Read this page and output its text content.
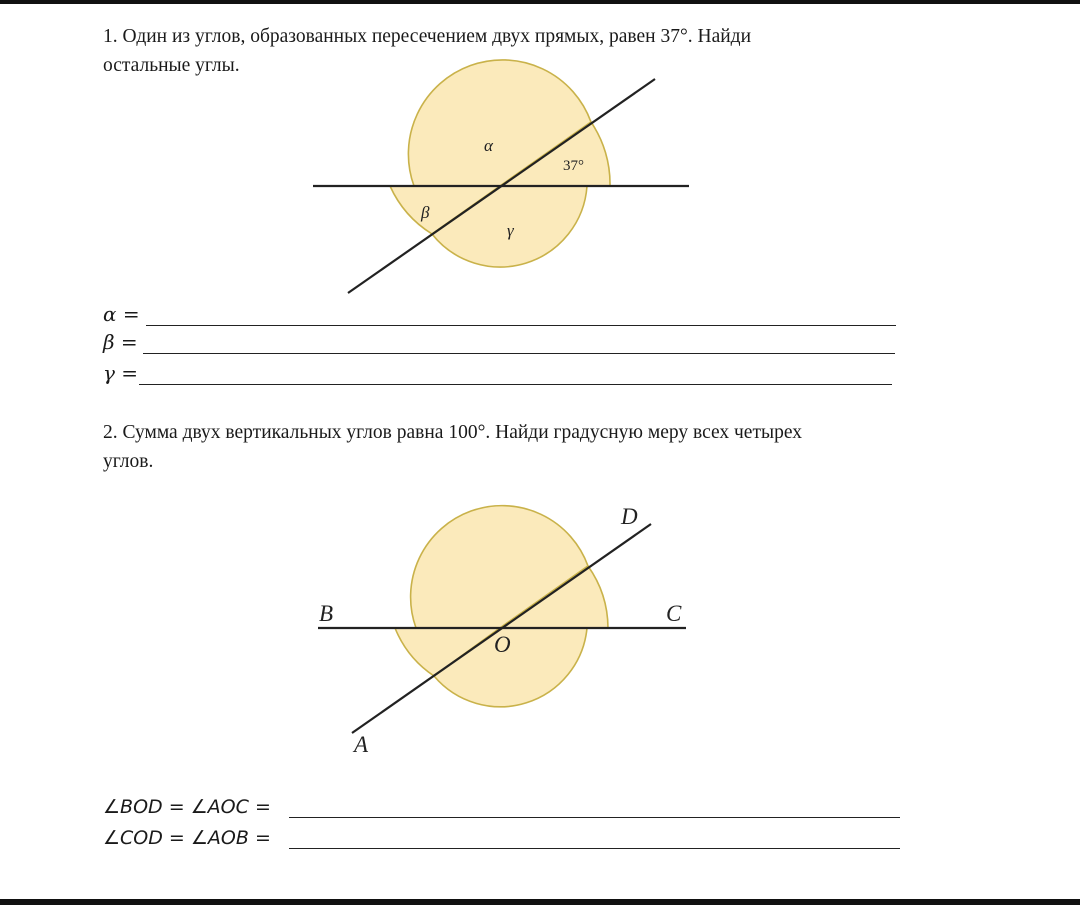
1. Один из углов, образованных пересечением двух прямых, равен 37°. Найди

остальные углы.

α
37°
β
γ
D
B	C
O
A
α =
β =
γ =

2. Сумма двух вертикальных углов равна 100°. Найди градусную меру всех четырех

углов.

∠BOD = ∠AOC =
∠COD = ∠AOB =
